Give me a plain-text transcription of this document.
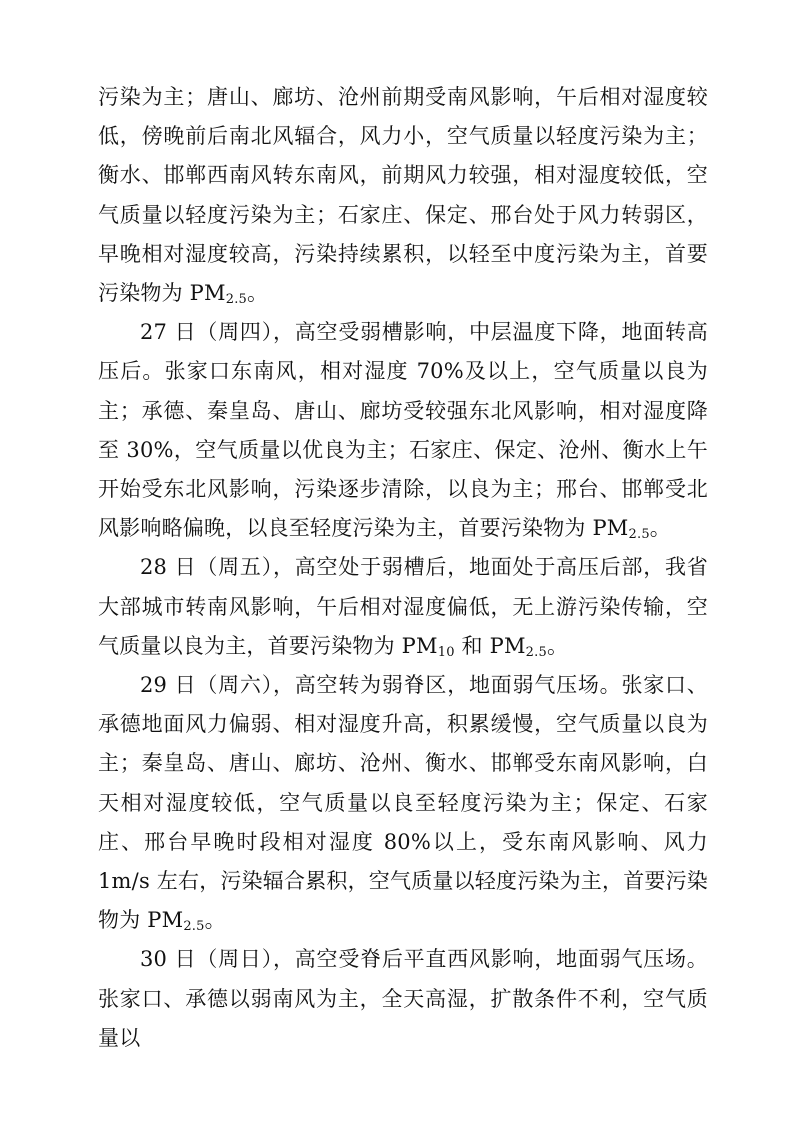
污染为主；唐山、廊坊、沧州前期受南风影响，午后相对湿度较低，傍晚前后南北风辐合，风力小，空气质量以轻度污染为主；衡水、邯郸西南风转东南风，前期风力较强，相对湿度较低，空气质量以轻度污染为主；石家庄、保定、邢台处于风力转弱区，早晚相对湿度较高，污染持续累积，以轻至中度污染为主，首要污染物为 $PM_{2.5}$。

27 日（周四），高空受弱槽影响，中层温度下降，地面转高压后。张家口东南风，相对湿度 70%及以上，空气质量以良为主；承德、秦皇岛、唐山、廊坊受较强东北风影响，相对湿度降至 30%，空气质量以优良为主；石家庄、保定、沧州、衡水上午开始受东北风影响，污染逐步清除，以良为主；邢台、邯郸受北风影响略偏晚，以良至轻度污染为主，首要污染物为 $PM_{2.5}$。

28 日（周五），高空处于弱槽后，地面处于高压后部，我省大部城市转南风影响，午后相对湿度偏低，无上游污染传输，空气质量以良为主，首要污染物为 $PM_{10}$ 和 $PM_{2.5}$。

29 日（周六），高空转为弱脊区，地面弱气压场。张家口、承德地面风力偏弱、相对湿度升高，积累缓慢，空气质量以良为主；秦皇岛、唐山、廊坊、沧州、衡水、邯郸受东南风影响，白天相对湿度较低，空气质量以良至轻度污染为主；保定、石家庄、邢台早晚时段相对湿度 80%以上，受东南风影响、风力 1m/s 左右，污染辐合累积，空气质量以轻度污染为主，首要污染物为 $PM_{2.5}$。

30 日（周日），高空受脊后平直西风影响，地面弱气压场。张家口、承德以弱南风为主，全天高湿，扩散条件不利，空气质量以
